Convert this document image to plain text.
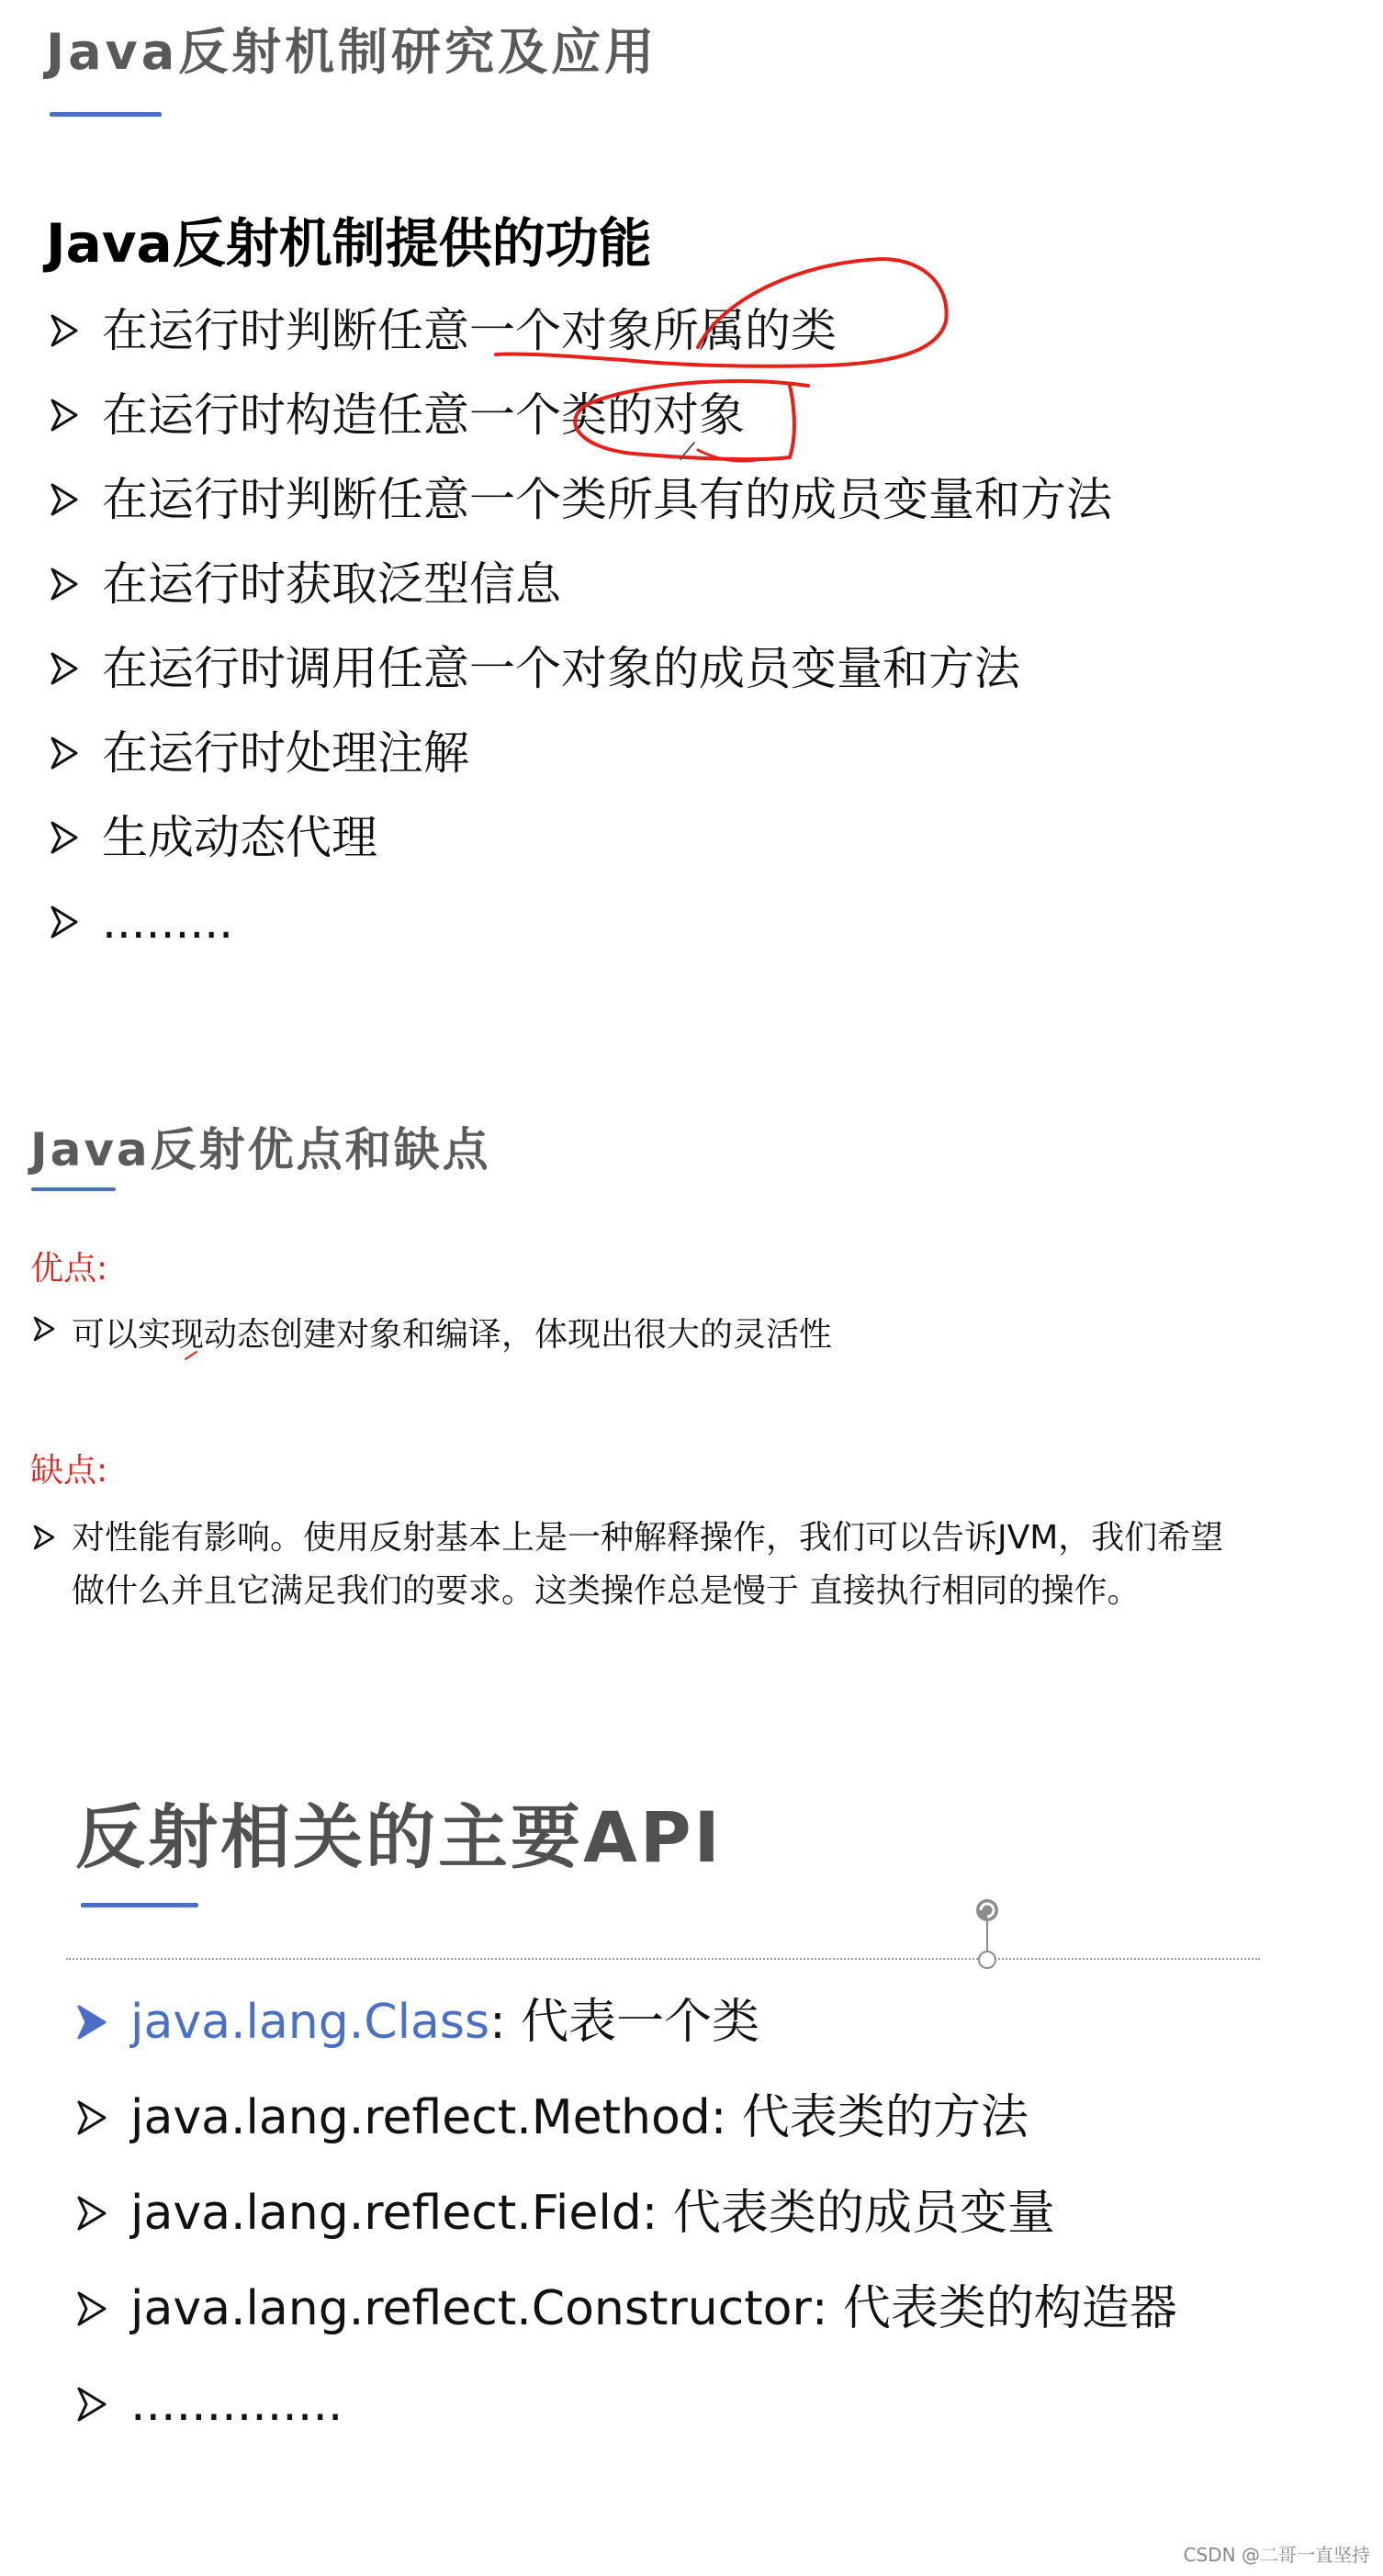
Java反射机制研究及应用
Java反射机制提供的功能
在运行时判断任意一个对象所属的类
在运行时构造任意一个类的对象
在运行时判断任意一个类所具有的成员变量和方法
在运行时获取泛型信息
在运行时调用任意一个对象的成员变量和方法
在运行时处理注解
生成动态代理
.........
Java反射优点和缺点
优点:
可以实现动态创建对象和编译，体现出很大的灵活性
缺点:
对性能有影响。使用反射基本上是一种解释操作，我们可以告诉JVM，我们希望
做什么并且它满足我们的要求。这类操作总是慢于 直接执行相同的操作。
反射相关的主要API
java.lang.Class : 代表一个类
java.lang.reflect.Method : 代表类的方法
java.lang.reflect.Field : 代表类的成员变量
java.lang.reflect.Constructor : 代表类的构造器
..............
CSDN @二哥一直坚持
